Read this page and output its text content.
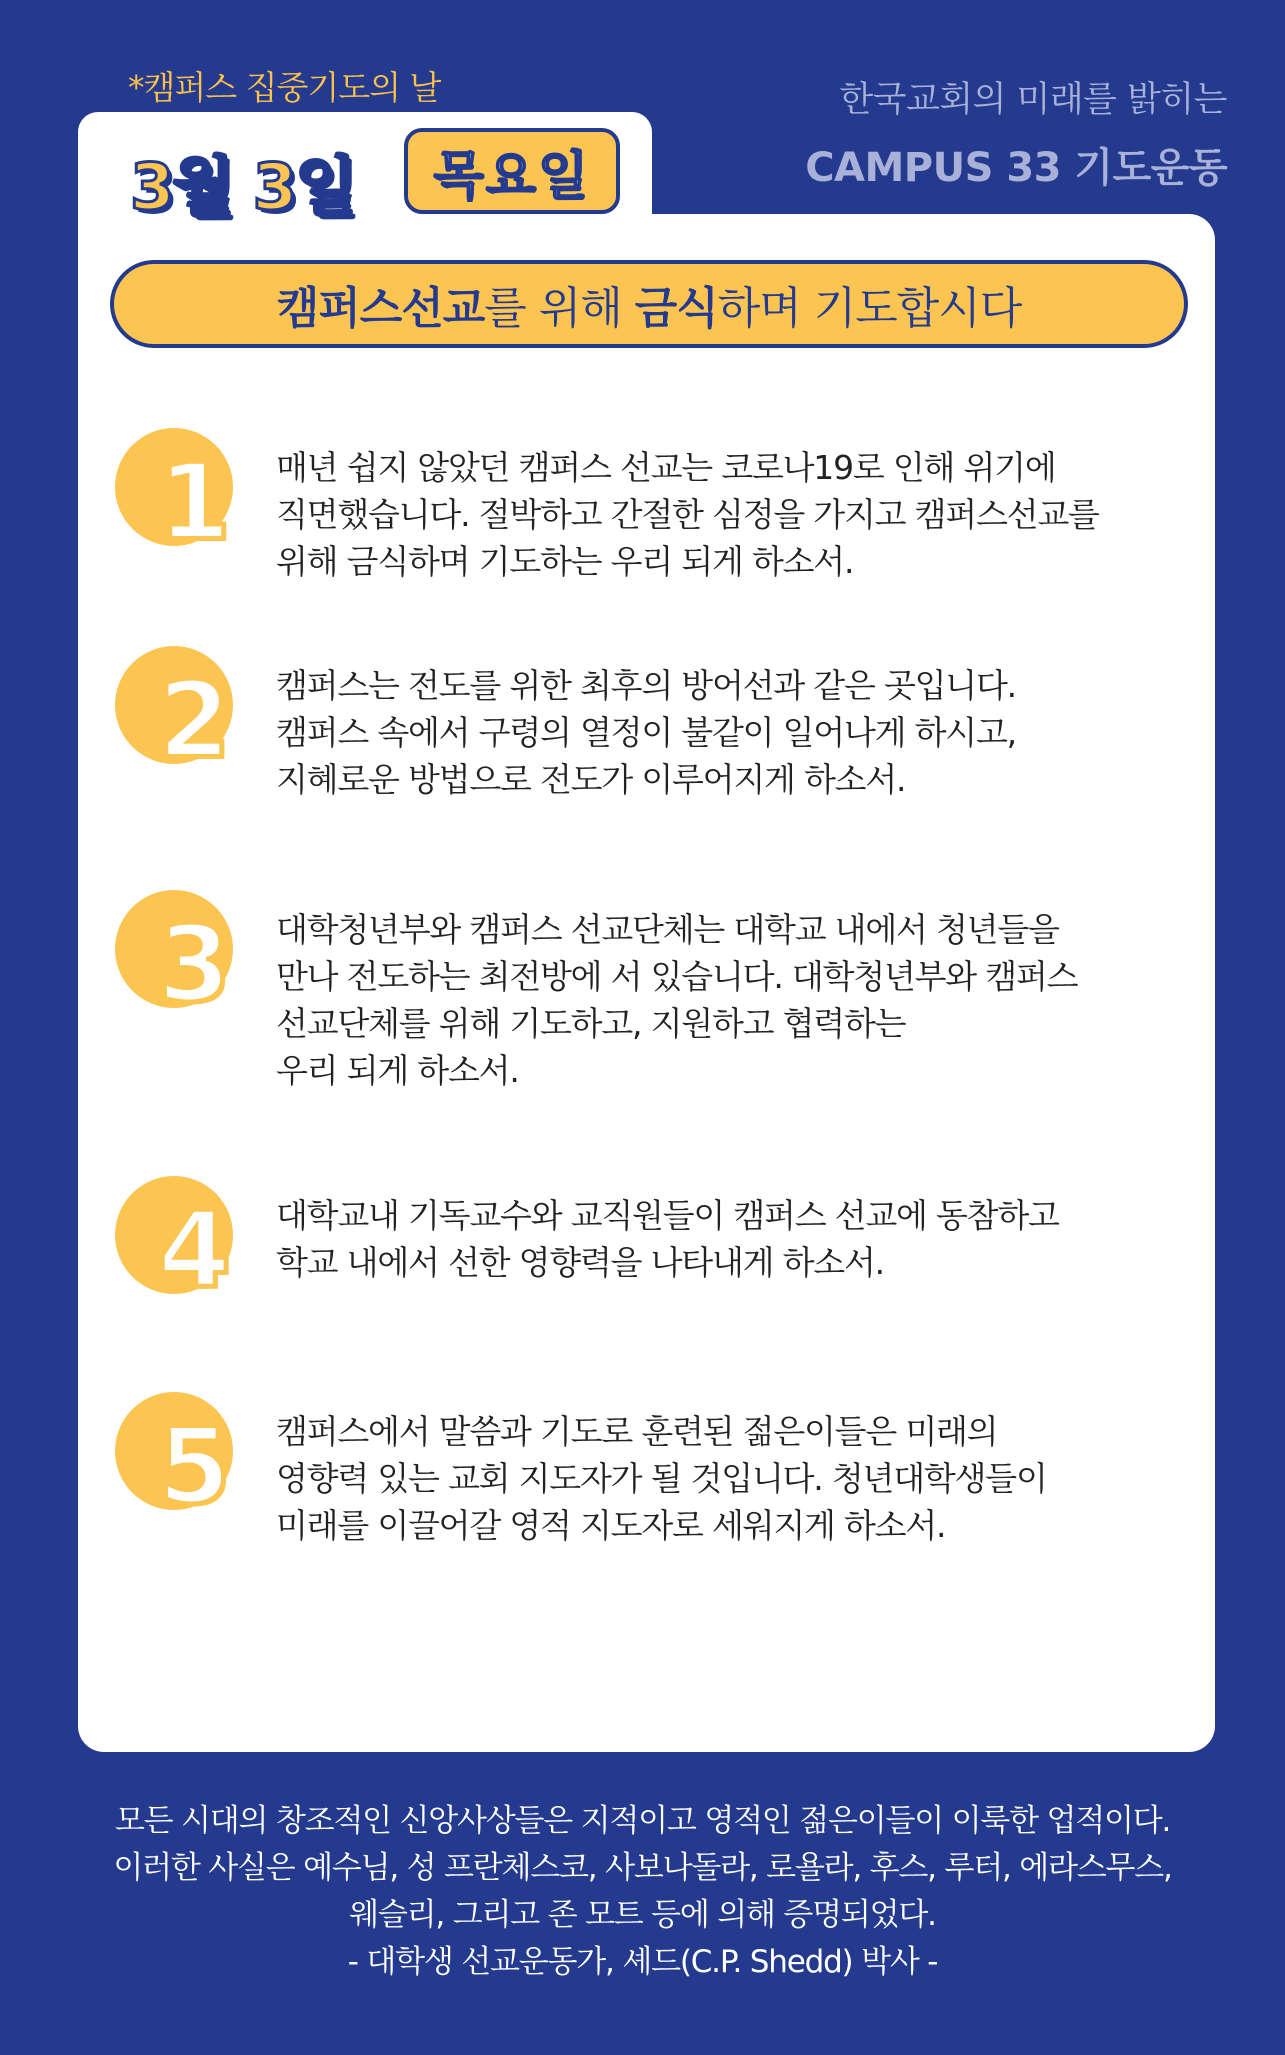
*캠퍼스 집중기도의 날	한국교회의 미래를 밝히는
CAMPUS 33 기도운동
3월 3일	목요일
캠퍼스선교를 위해 금식하며 기도합시다
1 매년 쉽지 않았던 캠퍼스 선교는 코로나19로 인해 위기에
직면했습니다. 절박하고 간절한 심정을 가지고 캠퍼스선교를
위해 금식하며 기도하는 우리 되게 하소서.
2 캠퍼스는 전도를 위한 최후의 방어선과 같은 곳입니다.
캠퍼스 속에서 구령의 열정이 불같이 일어나게 하시고,
지혜로운 방법으로 전도가 이루어지게 하소서.
3 대학청년부와 캠퍼스 선교단체는 대학교 내에서 청년들을
만나 전도하는 최전방에 서 있습니다. 대학청년부와 캠퍼스
선교단체를 위해 기도하고, 지원하고 협력하는
우리 되게 하소서.
4 대학교내 기독교수와 교직원들이 캠퍼스 선교에 동참하고
학교 내에서 선한 영향력을 나타내게 하소서.
5 캠퍼스에서 말씀과 기도로 훈련된 젊은이들은 미래의
영향력 있는 교회 지도자가 될 것입니다. 청년대학생들이
미래를 이끌어갈 영적 지도자로 세워지게 하소서.
모든 시대의 창조적인 신앙사상들은 지적이고 영적인 젊은이들이 이룩한 업적이다.
이러한 사실은 예수님, 성 프란체스코, 사보나돌라, 로욜라, 후스, 루터, 에라스무스,
웨슬리, 그리고 존 모트 등에 의해 증명되었다.
- 대학생 선교운동가, 셰드(C.P. Shedd) 박사 -
